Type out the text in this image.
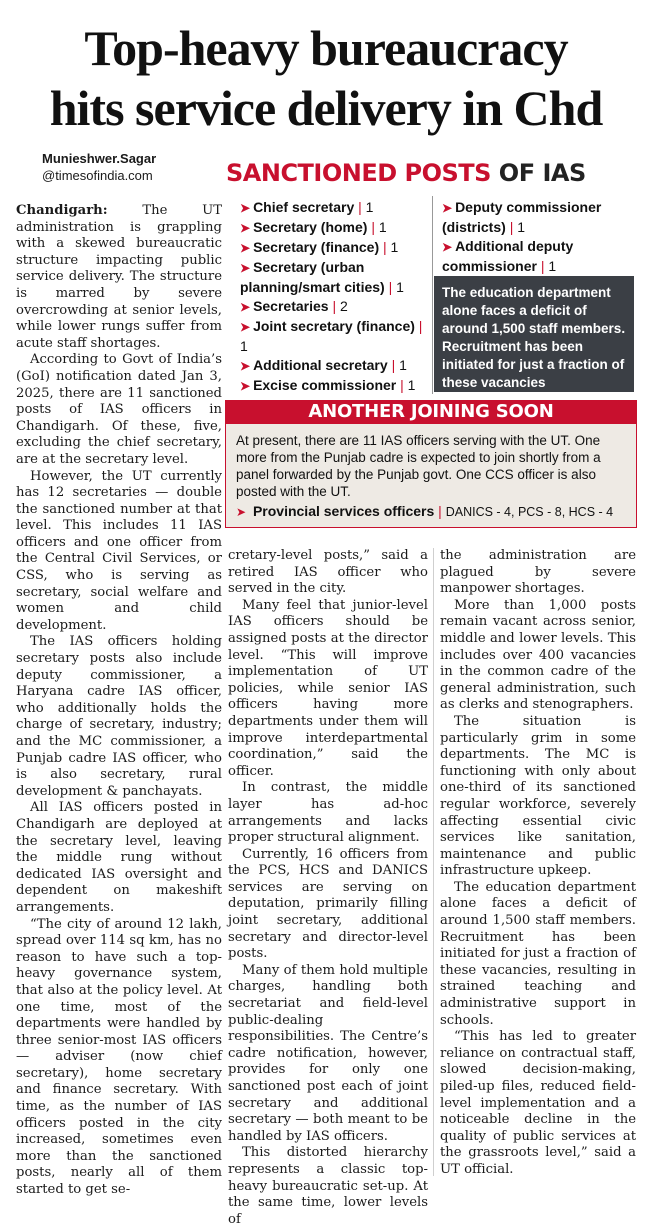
Top-heavy bureaucracy
hits service delivery in Chd
Munieshwer.Sagar
@timesofindia.com	SANCTIONED POSTS OF IAS
➤ Chief secretary | 1
➤ Secretary (home) | 1
➤ Secretary (finance) | 1
➤ Secretary (urban planning/smart cities) | 1
➤ Secretaries | 2
➤ Joint secretary (finance) | 1
➤ Additional secretary | 1
➤ Excise commissioner | 1
➤ Deputy commissioner (districts) | 1
➤ Additional deputy commissioner | 1
The education department alone faces a deficit of around 1,500 staff members. Recruitment has been initiated for just a fraction of these vacancies
ANOTHER JOINING SOON
At present, there are 11 IAS officers serving with the UT. One more from the Punjab cadre is expected to join shortly from a panel forwarded by the Punjab govt. One CCS officer is also posted with the UT.
➤ Provincial services officers | DANICS - 4, PCS - 8, HCS - 4

Chandigarh:	The UT administration is grappling with a skewed bureaucratic structure impacting public service delivery. The structure is marred by severe overcrowding at senior levels, while lower rungs suffer from acute staff shortages.

According to Govt of India’s (GoI) notification dated Jan 3, 2025, there are 11 sanctioned posts of IAS officers in Chandigarh. Of these, five, excluding the chief secretary, are at the secretary level.

However, the UT currently has 12 secretaries — double the sanctioned number at that level. This includes 11 IAS officers and one officer from the Central Civil Services, or CSS, who is serving as secretary, social welfare and women and child development.

The IAS officers holding secretary posts also include deputy commissioner, a Haryana cadre IAS officer, who additionally holds the charge of secretary, industry; and the MC commissioner, a Punjab cadre IAS officer, who is also secretary, rural development & panchayats.

All IAS officers posted in Chandigarh are deployed at the secretary level, leaving the middle rung without dedicated IAS oversight and dependent on makeshift arrangements.

“The city of around 12 lakh, spread over 114 sq km, has no reason to have such a top-heavy governance system, that also at the policy level. At one time, most of the departments were handled by three senior-most IAS officers — adviser (now chief secretary), home secretary and finance secretary. With time, as the number of IAS officers posted in the city increased, sometimes even more than the sanctioned posts, nearly all of them started to get se-

cretary-level posts,” said a retired IAS officer who served in the city.

Many feel that junior-level IAS officers should be assigned posts at the director level. “This will improve implementation of UT policies, while senior IAS officers having more departments under them will improve interdepartmental coordination,” said the officer.

In contrast, the middle layer has ad-hoc arrangements and lacks proper structural alignment.

Currently, 16 officers from the PCS, HCS and DANICS services are serving on deputation, primarily filling joint secretary, additional secretary and director-level posts.

Many of them hold multiple charges, handling both secretariat and field-level public-dealing responsibilities. The Centre’s cadre notification, however, provides for only one sanctioned post each of joint secretary and additional secretary — both meant to be handled by IAS officers.

This distorted hierarchy represents a classic top-heavy bureaucratic set-up. At the same time, lower levels of

the administration are plagued by severe manpower shortages.

More than 1,000 posts remain vacant across senior, middle and lower levels. This includes over 400 vacancies in the common cadre of the general administration, such as clerks and stenographers.

The situation is particularly grim in some departments. The MC is functioning with only about one-third of its sanctioned regular workforce, severely affecting essential civic services like sanitation, maintenance and public infrastructure upkeep.

The education department alone faces a deficit of around 1,500 staff members. Recruitment has been initiated for just a fraction of these vacancies, resulting in strained teaching and administrative support in schools.

“This has led to greater reliance on contractual staff, slowed decision-making, piled-up files, reduced field-level implementation and a noticeable decline in the quality of public services at the grassroots level,” said a UT official.
